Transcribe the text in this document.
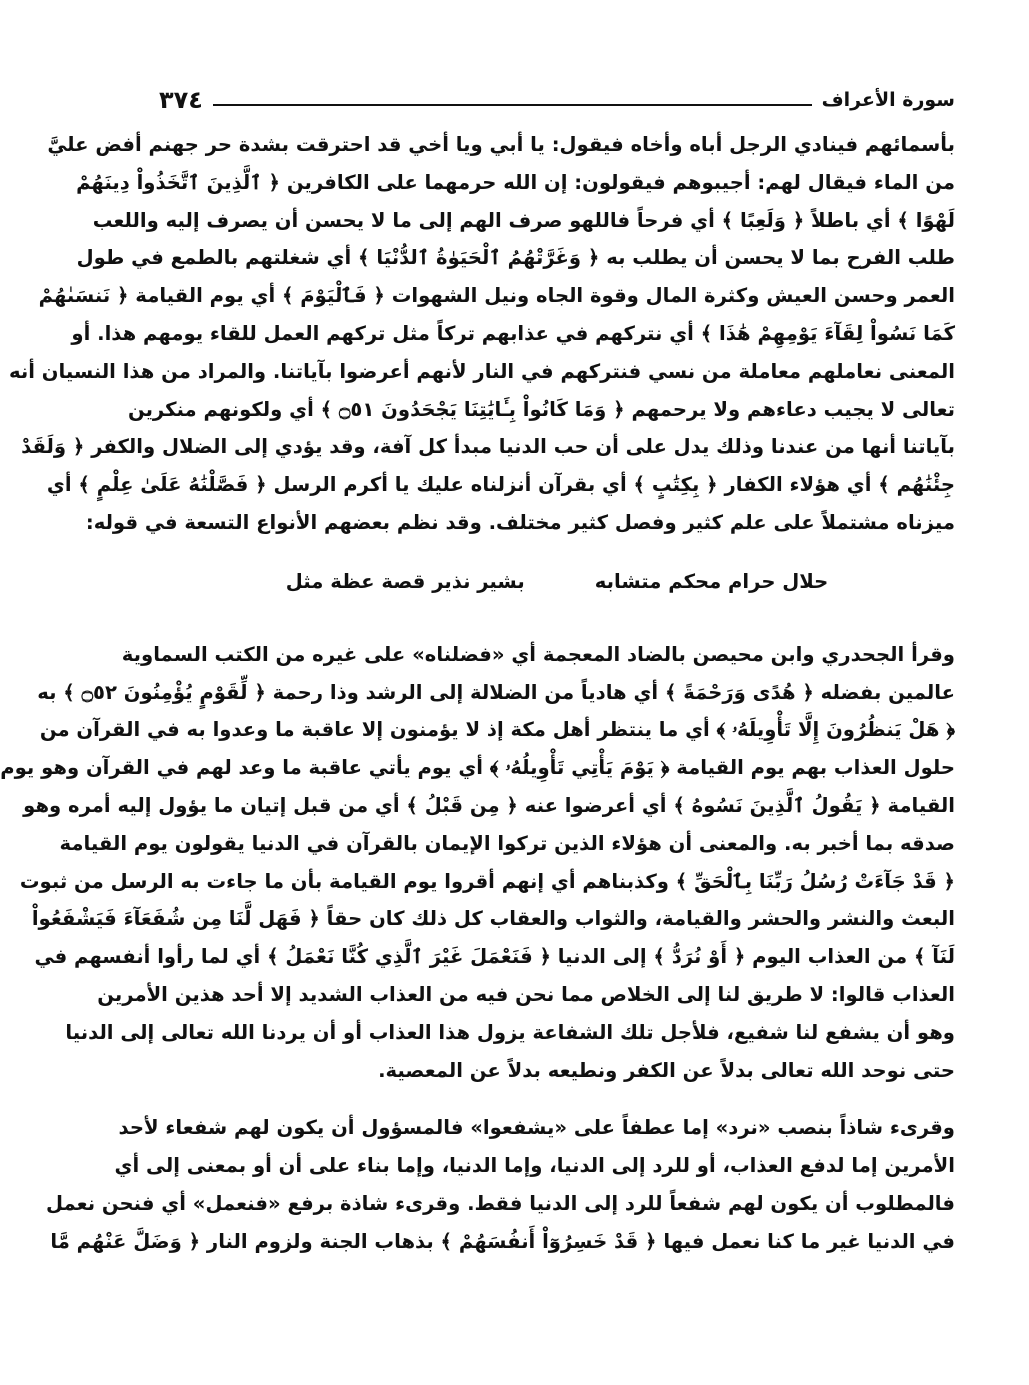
سورة الأعراف
٣٧٤
بأسمائهم فينادي الرجل أباه وأخاه فيقول: يا أبي ويا أخي قد احترقت بشدة حر جهنم أفض عليَّ
من الماء فيقال لهم: أجيبوهم فيقولون: إن الله حرمهما على الكافرين ﴿ ٱلَّذِينَ ٱتَّخَذُواْ دِينَهُمْ
لَهْوًا ﴾ أي باطلاً ﴿ وَلَعِبًا ﴾ أي فرحاً فاللهو صرف الهم إلى ما لا يحسن أن يصرف إليه واللعب
طلب الفرح بما لا يحسن أن يطلب به ﴿ وَغَرَّتْهُمُ ٱلْحَيَوٰةُ ٱلدُّنْيَا ﴾ أي شغلتهم بالطمع في طول
العمر وحسن العيش وكثرة المال وقوة الجاه ونيل الشهوات ﴿ فَٱلْيَوْمَ ﴾ أي يوم القيامة ﴿ نَنسَىٰهُمْ
كَمَا نَسُواْ لِقَآءَ يَوْمِهِمْ هَٰذَا ﴾ أي نتركهم في عذابهم تركاً مثل تركهم العمل للقاء يومهم هذا. أو
المعنى نعاملهم معاملة من نسي فنتركهم في النار لأنهم أعرضوا بآياتنا. والمراد من هذا النسيان أنه
تعالى لا يجيب دعاءهم ولا يرحمهم ﴿ وَمَا كَانُواْ بِـَٔايَٰتِنَا يَجْحَدُونَ ۝٥١ ﴾ أي ولكونهم منكرين
بآياتنا أنها من عندنا وذلك يدل على أن حب الدنيا مبدأ كل آفة، وقد يؤدي إلى الضلال والكفر ﴿ وَلَقَدْ
جِئْنَٰهُم ﴾ أي هؤلاء الكفار ﴿ بِكِتَٰبٍ ﴾ أي بقرآن أنزلناه عليك يا أكرم الرسل ﴿ فَصَّلْنَٰهُ عَلَىٰ عِلْمٍ ﴾ أي
ميزناه مشتملاً على علم كثير وفصل كثير مختلف. وقد نظم بعضهم الأنواع التسعة في قوله:
حلال حرام محكم متشابه
بشير نذير قصة عظة مثل
وقرأ الجحدري وابن محيصن بالضاد المعجمة أي «فضلناه» على غيره من الكتب السماوية
عالمين بفضله ﴿ هُدًى وَرَحْمَةً ﴾ أي هادياً من الضلالة إلى الرشد وذا رحمة ﴿ لِّقَوْمٍ يُؤْمِنُونَ ۝٥٢ ﴾ به
﴿ هَلْ يَنظُرُونَ إِلَّا تَأْوِيلَهُۥ ﴾ أي ما ينتظر أهل مكة إذ لا يؤمنون إلا عاقبة ما وعدوا به في القرآن من
حلول العذاب بهم يوم القيامة ﴿ يَوْمَ يَأْتِي تَأْوِيلُهُۥ ﴾ أي يوم يأتي عاقبة ما وعد لهم في القرآن وهو يوم
القيامة ﴿ يَقُولُ ٱلَّذِينَ نَسُوهُ ﴾ أي أعرضوا عنه ﴿ مِن قَبْلُ ﴾ أي من قبل إتيان ما يؤول إليه أمره وهو
صدقه بما أخبر به. والمعنى أن هؤلاء الذين تركوا الإيمان بالقرآن في الدنيا يقولون يوم القيامة
﴿ قَدْ جَآءَتْ رُسُلُ رَبِّنَا بِٱلْحَقِّ ﴾ وكذبناهم أي إنهم أقروا يوم القيامة بأن ما جاءت به الرسل من ثبوت
البعث والنشر والحشر والقيامة، والثواب والعقاب كل ذلك كان حقاً ﴿ فَهَل لَّنَا مِن شُفَعَآءَ فَيَشْفَعُواْ
لَنَآ ﴾ من العذاب اليوم ﴿ أَوْ نُرَدُّ ﴾ إلى الدنيا ﴿ فَنَعْمَلَ غَيْرَ ٱلَّذِي كُنَّا نَعْمَلُ ﴾ أي لما رأوا أنفسهم في
العذاب قالوا: لا طريق لنا إلى الخلاص مما نحن فيه من العذاب الشديد إلا أحد هذين الأمرين
وهو أن يشفع لنا شفيع، فلأجل تلك الشفاعة يزول هذا العذاب أو أن يردنا الله تعالى إلى الدنيا
حتى نوحد الله تعالى بدلاً عن الكفر ونطيعه بدلاً عن المعصية.
وقرىء شاذاً بنصب «نرد» إما عطفاً على «يشفعوا» فالمسؤول أن يكون لهم شفعاء لأحد
الأمرين إما لدفع العذاب، أو للرد إلى الدنيا، وإما الدنيا، وإما بناء على أن أو بمعنى إلى أي
فالمطلوب أن يكون لهم شفعاً للرد إلى الدنيا فقط. وقرىء شاذة برفع «فنعمل» أي فنحن نعمل
في الدنيا غير ما كنا نعمل فيها ﴿ قَدْ خَسِرُوٓاْ أَنفُسَهُمْ ﴾ بذهاب الجنة ولزوم النار ﴿ وَضَلَّ عَنْهُم مَّا
